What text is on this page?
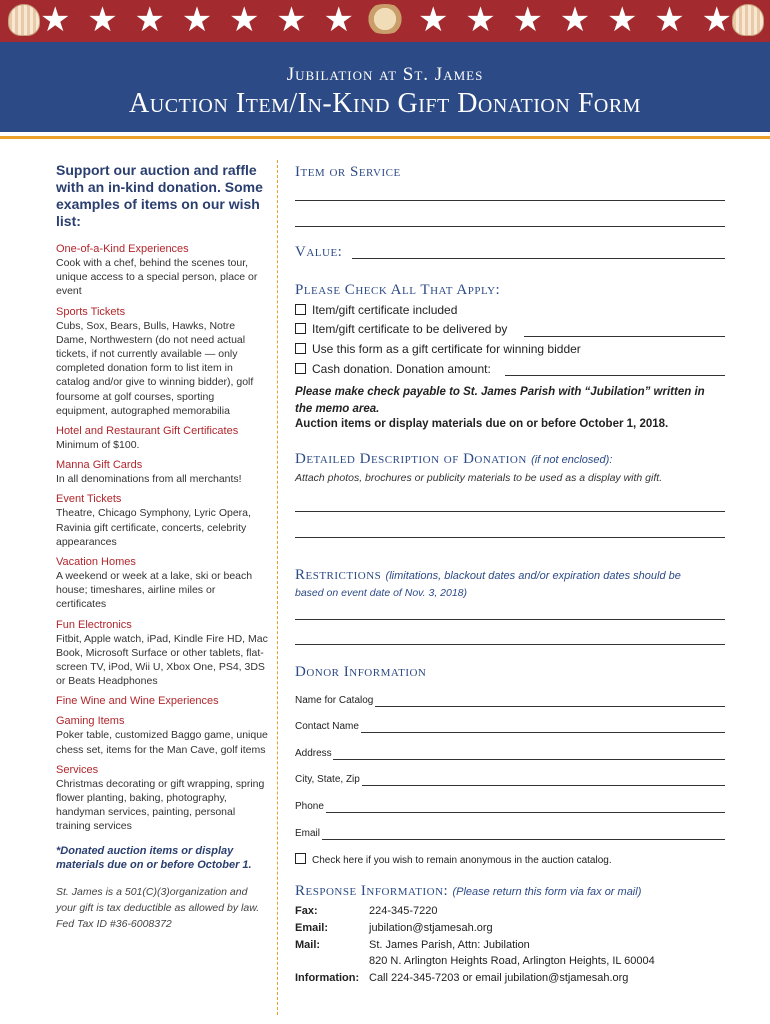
★ ★ ★ ★ ★ ★ ★ ★ ★ ★ ★ ★ ★ ★
Jubilation at St. James
Auction Item/In-Kind Gift Donation Form
Support our auction and raffle with an in-kind donation. Some examples of items on our wish list:
One-of-a-Kind Experiences
Cook with a chef, behind the scenes tour, unique access to a special person, place or event
Sports Tickets
Cubs, Sox, Bears, Bulls, Hawks, Notre Dame, Northwestern (do not need actual tickets, if not currently available — only completed donation form to list item in catalog and/or give to winning bidder), golf foursome at golf courses, sporting equipment, autographed memorabilia
Hotel and Restaurant Gift Certificates
Minimum of $100.
Manna Gift Cards
In all denominations from all merchants!
Event Tickets
Theatre, Chicago Symphony, Lyric Opera, Ravinia gift certificate, concerts, celebrity appearances
Vacation Homes
A weekend or week at a lake, ski or beach house; timeshares, airline miles or certificates
Fun Electronics
Fitbit, Apple watch, iPad, Kindle Fire HD, Mac Book, Microsoft Surface or other tablets, flat-screen TV, iPod, Wii U, Xbox One, PS4, 3DS or Beats Headphones
Fine Wine and Wine Experiences
Gaming Items
Poker table, customized Baggo game, unique chess set, items for the Man Cave, golf items
Services
Christmas decorating or gift wrapping, spring flower planting, baking, photography, handyman services, painting, personal training services
*Donated auction items or display materials due on or before October 1.
St. James is a 501(C)(3)organization and your gift is tax deductible as allowed by law. Fed Tax ID #36-6008372
Item or Service
Value:
Please Check All That Apply:
Item/gift certificate included
Item/gift certificate to be delivered by
Use this form as a gift certificate for winning bidder
Cash donation. Donation amount:
Please make check payable to St. James Parish with “Jubilation” written in the memo area.
Auction items or display materials due on or before October 1, 2018.
Detailed Description of Donation (if not enclosed):
Attach photos, brochures or publicity materials to be used as a display with gift.
Restrictions (limitations, blackout dates and/or expiration dates should be
based on event date of Nov. 3, 2018)
Donor Information
Name for Catalog
Contact Name
Address
City, State, Zip
Phone
Email
Check here if you wish to remain anonymous in the auction catalog.
Response Information: (Please return this form via fax or mail)
Fax:	224-345-7220
Email:	jubilation@stjamesah.org
Mail:	St. James Parish, Attn: Jubilation
820 N. Arlington Heights Road, Arlington Heights, IL 60004
Information: Call 224-345-7203 or email jubilation@stjamesah.org
